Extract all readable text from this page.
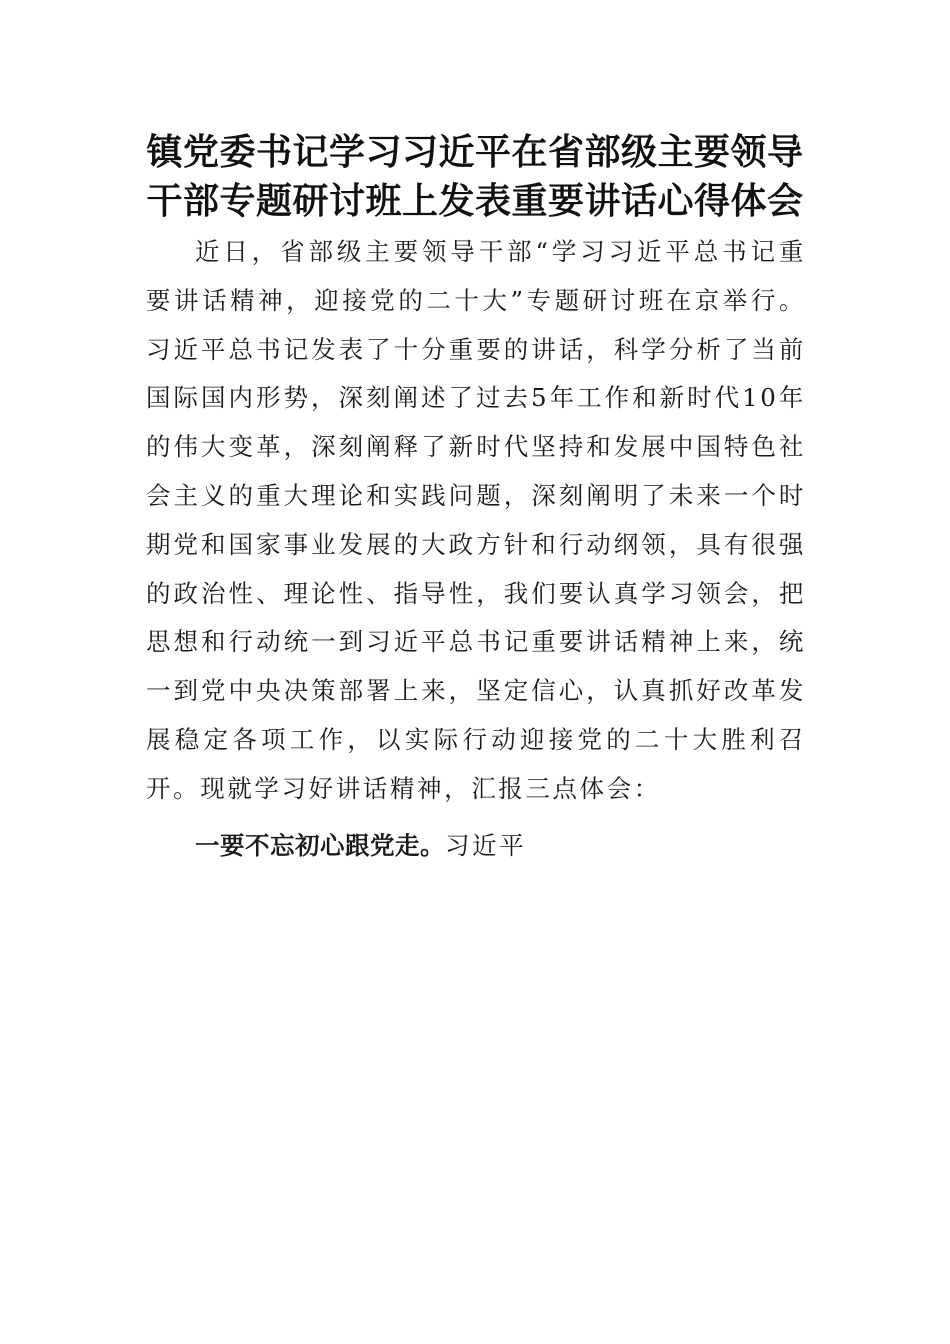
镇党委书记学习习近平在省部级主要领导
干部专题研讨班上发表重要讲话心得体会

近日，省部级主要领导干部“学习习近平总书记重要讲话精神，迎接党的二十大”专题研讨班在京举行。习近平总书记发表了十分重要的讲话，科学分析了当前国际国内形势，深刻阐述了过去5年工作和新时代10年的伟大变革，深刻阐释了新时代坚持和发展中国特色社会主义的重大理论和实践问题，深刻阐明了未来一个时期党和国家事业发展的大政方针和行动纲领，具有很强的政治性、理论性、指导性，我们要认真学习领会，把思想和行动统一到习近平总书记重要讲话精神上来，统一到党中央决策部署上来，坚定信心，认真抓好改革发展稳定各项工作，以实际行动迎接党的二十大胜利召开。现就学习好讲话精神，汇报三点体会：

一要不忘初心跟党走。习近平
